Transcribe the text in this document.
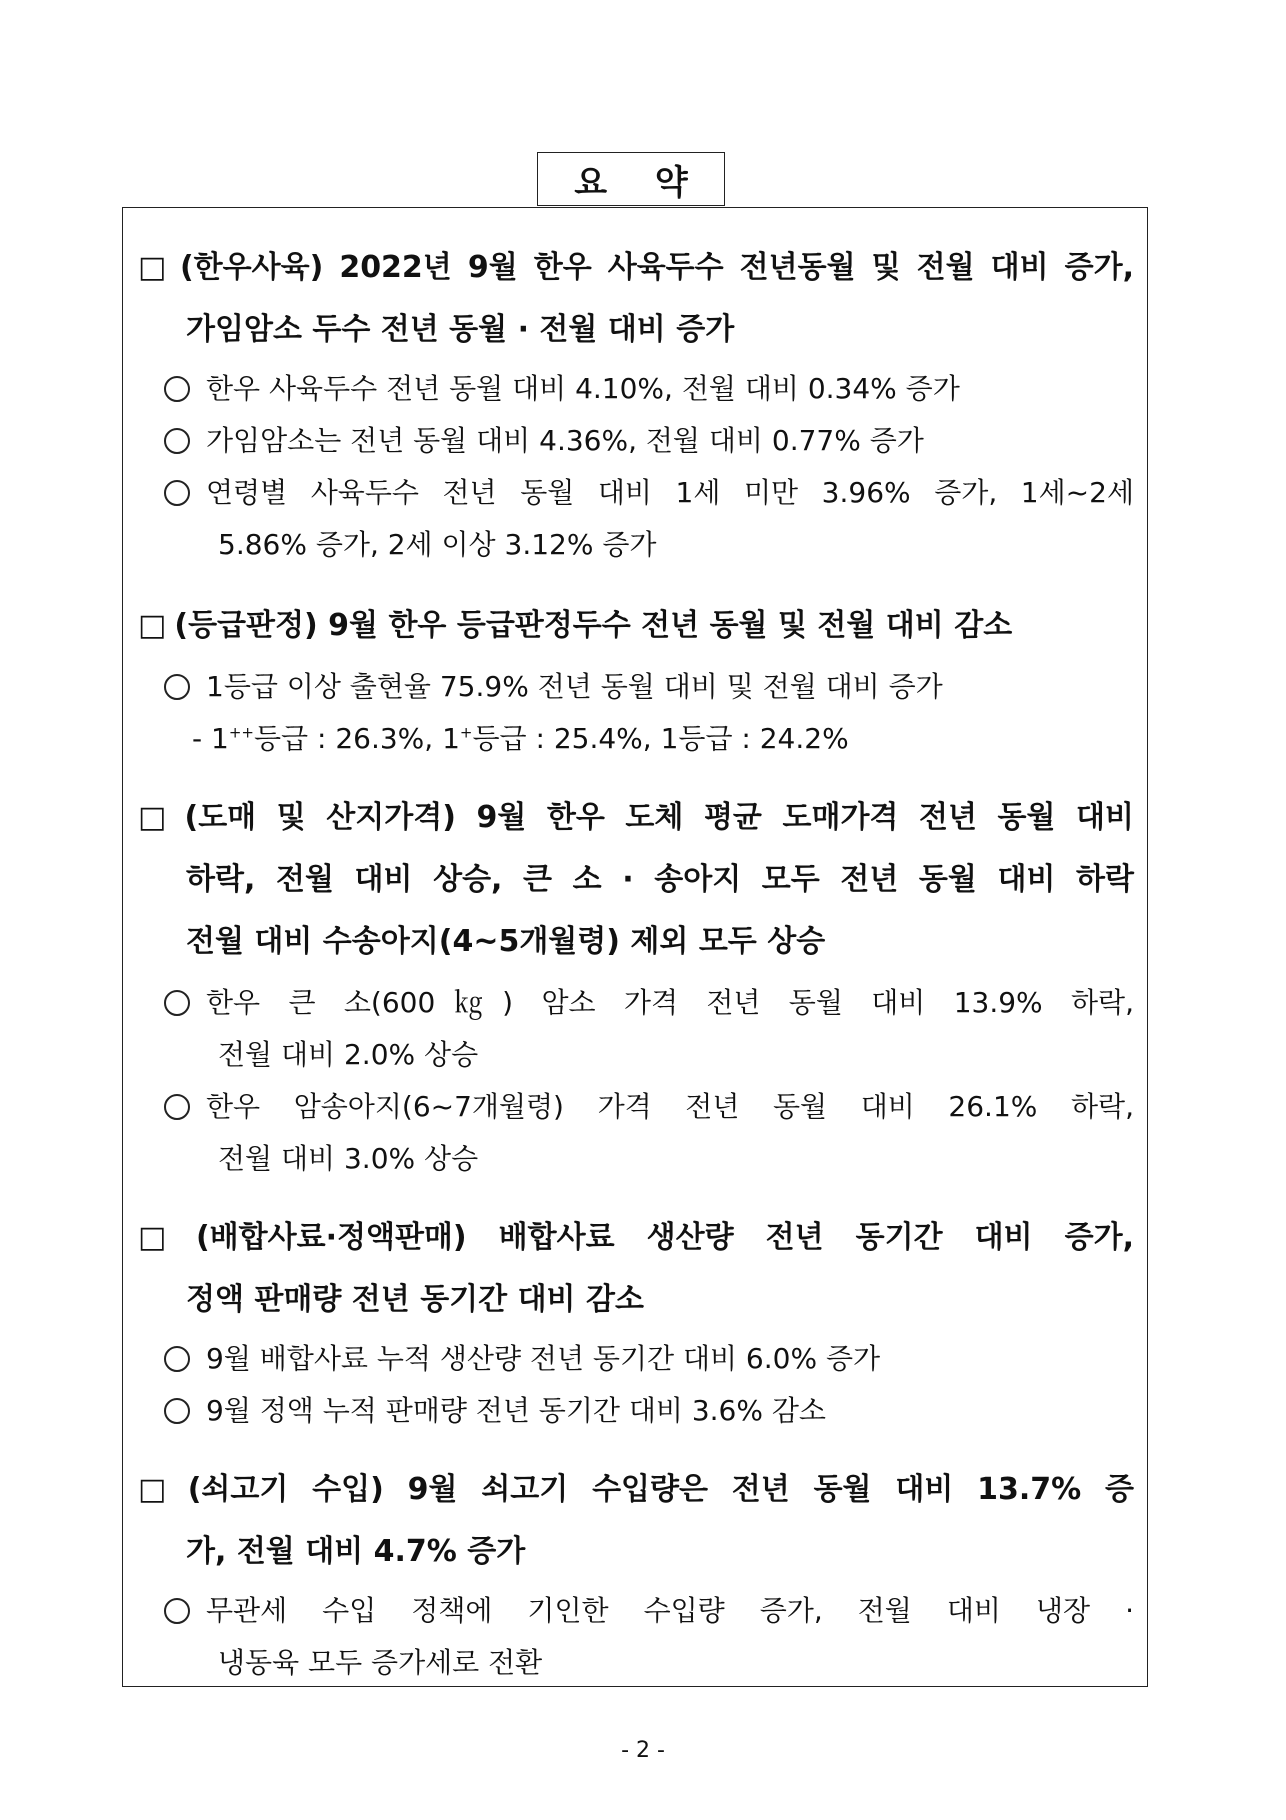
요 약
□ (한우사육) 2022년 9월 한우 사육두수 전년동월 및 전월 대비 증가,
가임암소 두수 전년 동월 · 전월 대비 증가
한우 사육두수 전년 동월 대비 4.10%, 전월 대비 0.34% 증가
가임암소는 전년 동월 대비 4.36%, 전월 대비 0.77% 증가
연령별 사육두수 전년 동월 대비 1세 미만 3.96% 증가, 1세~2세
5.86% 증가, 2세 이상 3.12% 증가
□ (등급판정) 9월 한우 등급판정두수 전년 동월 및 전월 대비 감소
1등급 이상 출현율 75.9% 전년 동월 대비 및 전월 대비 증가
- 1++등급 : 26.3%, 1+등급 : 25.4%, 1등급 : 24.2%
□ (도매 및 산지가격) 9월 한우 도체 평균 도매가격 전년 동월 대비
하락, 전월 대비 상승, 큰 소 · 송아지 모두 전년 동월 대비 하락
전월 대비 수송아지(4~5개월령) 제외 모두 상승
한우 큰 소(600㎏) 암소 가격 전년 동월 대비 13.9% 하락,
전월 대비 2.0% 상승
한우 암송아지(6~7개월령) 가격 전년 동월 대비 26.1% 하락,
전월 대비 3.0% 상승
□ (배합사료·정액판매) 배합사료 생산량 전년 동기간 대비 증가,
정액 판매량 전년 동기간 대비 감소
9월 배합사료 누적 생산량 전년 동기간 대비 6.0% 증가
9월 정액 누적 판매량 전년 동기간 대비 3.6% 감소
□ (쇠고기 수입) 9월 쇠고기 수입량은 전년 동월 대비 13.7% 증
가, 전월 대비 4.7% 증가
무관세 수입 정책에 기인한 수입량 증가, 전월 대비 냉장 ·
냉동육 모두 증가세로 전환
- 2 -
